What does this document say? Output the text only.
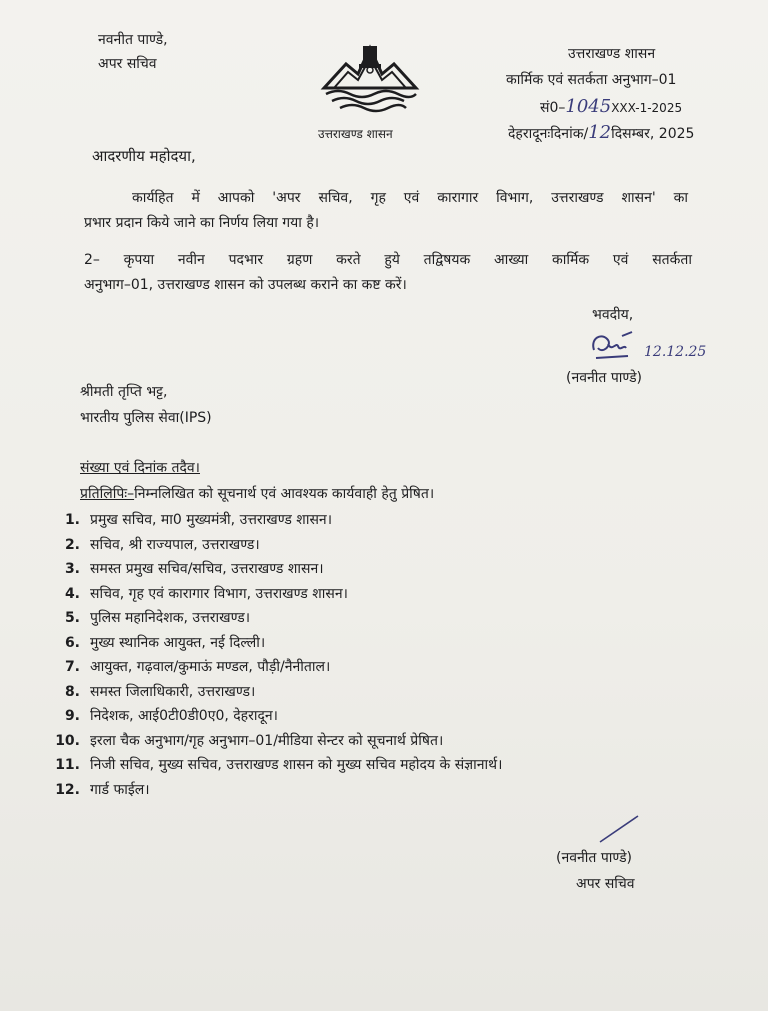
नवनीत पाण्डे,
अपर सचिव
उत्तराखण्ड शासन
उत्तराखण्ड शासन
कार्मिक एवं सतर्कता अनुभाग–01
सं0–1045XXX-1-2025
देहरादूनःदिनांक/12दिसम्बर, 2025
आदरणीय महोदया,
कार्यहित में आपको 'अपर सचिव, गृह एवं कारागार विभाग, उत्तराखण्ड शासन' का
प्रभार प्रदान किये जाने का निर्णय लिया गया है।
2– कृपया नवीन पदभार ग्रहण करते हुये तद्विषयक आख्या कार्मिक एवं सतर्कता
अनुभाग–01, उत्तराखण्ड शासन को उपलब्ध कराने का कष्ट करें।
भवदीय,
12.12.25
(नवनीत पाण्डे)
श्रीमती तृप्ति भट्ट,
भारतीय पुलिस सेवा(IPS)
संख्या एवं दिनांक तदैव।
प्रतिलिपिः–निम्नलिखित को सूचनार्थ एवं आवश्यक कार्यवाही हेतु प्रेषित।
1. प्रमुख सचिव, मा0 मुख्यमंत्री, उत्तराखण्ड शासन।
2. सचिव, श्री राज्यपाल, उत्तराखण्ड।
3. समस्त प्रमुख सचिव/सचिव, उत्तराखण्ड शासन।
4. सचिव, गृह एवं कारागार विभाग, उत्तराखण्ड शासन।
5. पुलिस महानिदेशक, उत्तराखण्ड।
6. मुख्य स्थानिक आयुक्त, नई दिल्ली।
7. आयुक्त, गढ़वाल/कुमाऊं मण्डल, पौड़ी/नैनीताल।
8. समस्त जिलाधिकारी, उत्तराखण्ड।
9. निदेशक, आई0टी0डी0ए0, देहरादून।
10. इरला चैक अनुभाग/गृह अनुभाग–01/मीडिया सेन्टर को सूचनार्थ प्रेषित।
11. निजी सचिव, मुख्य सचिव, उत्तराखण्ड शासन को मुख्य सचिव महोदय के संज्ञानार्थ।
12. गार्ड फाईल।
(नवनीत पाण्डे)
अपर सचिव
